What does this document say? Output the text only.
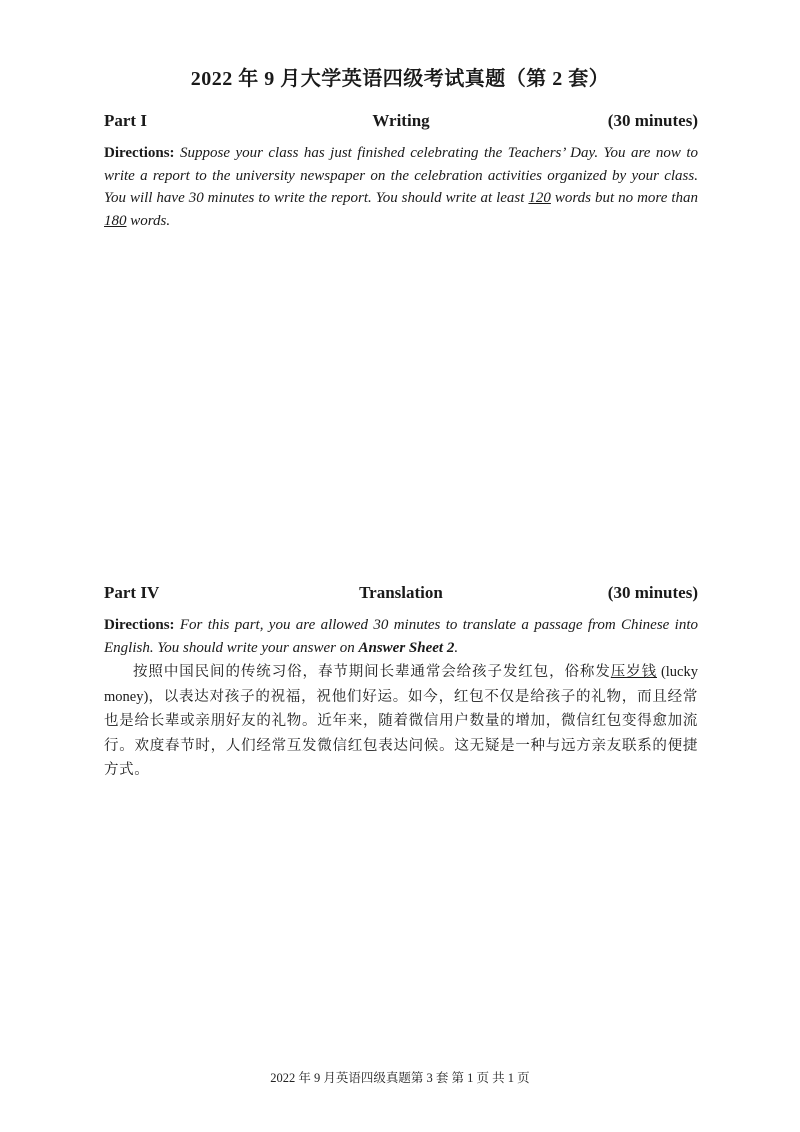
2022 年 9 月大学英语四级考试真题（第 2 套）
Writing
Part I	(30 minutes)
Directions: Suppose your class has just finished celebrating the Teachers’ Day. You are now to write a report to the university newspaper on the celebration activities organized by your class. You will have 30 minutes to write the report. You should write at least 120 words but no more than 180 words.
Translation
Part IV	(30 minutes)
Directions: For this part, you are allowed 30 minutes to translate a passage from Chinese into English. You should write your answer on Answer Sheet 2.
按照中国民间的传统习俗，春节期间长辈通常会给孩子发红包，俗称发压岁钱 (lucky money)，以表达对孩子的祝福，祝他们好运。如今，红包不仅是给孩子的礼物，而且经常也是给长辈或亲朋好友的礼物。近年来，随着微信用户数量的增加，微信红包变得愈加流行。欢度春节时，人们经常互发微信红包表达问候。这无疑是一种与远方亲友联系的便捷方式。
2022 年 9 月英语四级真题第 3 套 第 1 页 共 1 页
